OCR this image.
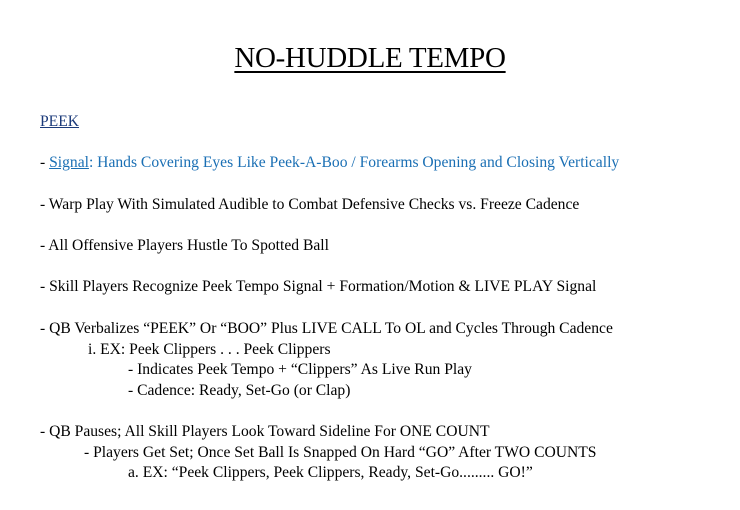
NO-HUDDLE TEMPO
PEEK
- Signal: Hands Covering Eyes Like Peek-A-Boo / Forearms Opening and Closing Vertically
- Warp Play With Simulated Audible to Combat Defensive Checks vs. Freeze Cadence
- All Offensive Players Hustle To Spotted Ball
- Skill Players Recognize Peek Tempo Signal + Formation/Motion & LIVE PLAY Signal
- QB Verbalizes “PEEK” Or “BOO” Plus LIVE CALL To OL and Cycles Through Cadence
i. EX: Peek Clippers . . . Peek Clippers
- Indicates Peek Tempo + “Clippers” As Live Run Play
- Cadence: Ready, Set-Go (or Clap)
- QB Pauses; All Skill Players Look Toward Sideline For ONE COUNT
- Players Get Set; Once Set Ball Is Snapped On Hard “GO” After TWO COUNTS
a. EX: “Peek Clippers, Peek Clippers, Ready, Set-Go......... GO!”
